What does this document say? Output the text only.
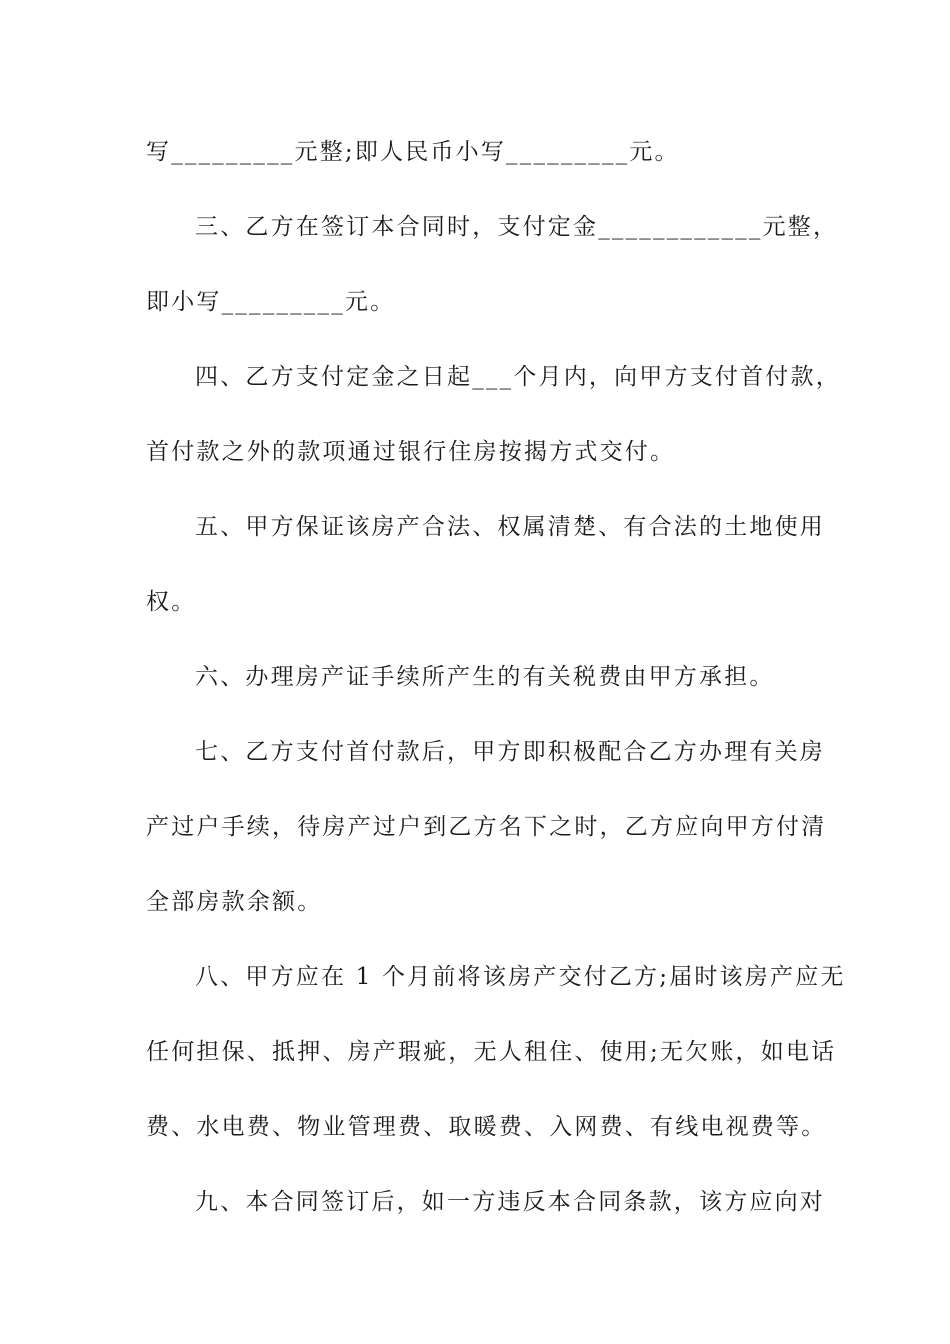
写_________元整;即人民币小写_________元。
三、乙方在签订本合同时，支付定金____________元整，
即小写_________元。
四、乙方支付定金之日起___个月内，向甲方支付首付款，
首付款之外的款项通过银行住房按揭方式交付。
五、甲方保证该房产合法、权属清楚、有合法的土地使用
权。
六、办理房产证手续所产生的有关税费由甲方承担。
七、乙方支付首付款后，甲方即积极配合乙方办理有关房
产过户手续，待房产过户到乙方名下之时，乙方应向甲方付清
全部房款余额。
八、甲方应在 1 个月前将该房产交付乙方;届时该房产应无
任何担保、抵押、房产瑕疵，无人租住、使用;无欠账，如电话
费、水电费、物业管理费、取暖费、入网费、有线电视费等。
九、本合同签订后，如一方违反本合同条款，该方应向对
